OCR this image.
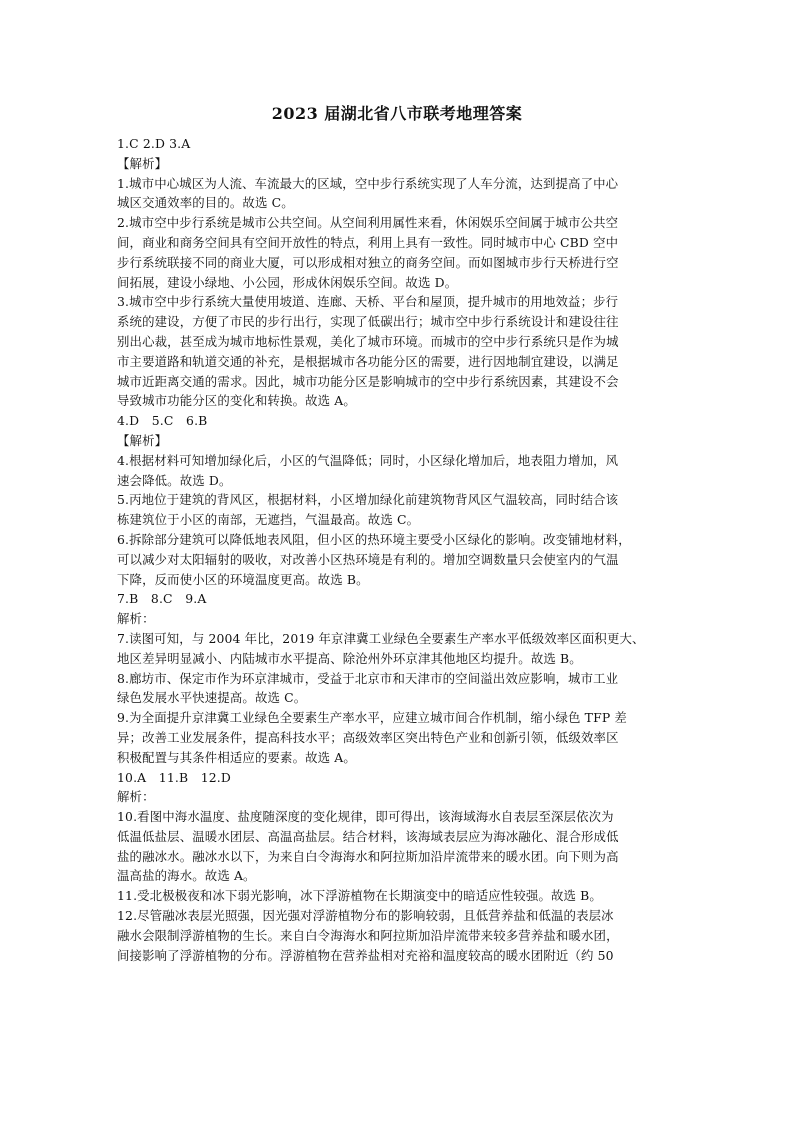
2023 届湖北省八市联考地理答案
1.C 2.D 3.A
【解析】
1.城市中心城区为人流、车流最大的区域，空中步行系统实现了人车分流，达到提高了中心
城区交通效率的目的。故选 C。
2.城市空中步行系统是城市公共空间。从空间利用属性来看，休闲娱乐空间属于城市公共空
间，商业和商务空间具有空间开放性的特点，利用上具有一致性。同时城市中心 CBD 空中
步行系统联接不同的商业大厦，可以形成相对独立的商务空间。而如图城市步行天桥进行空
间拓展，建设小绿地、小公园，形成休闲娱乐空间。故选 D。
3.城市空中步行系统大量使用坡道、连廊、天桥、平台和屋顶，提升城市的用地效益；步行
系统的建设，方便了市民的步行出行，实现了低碳出行；城市空中步行系统设计和建设往往
别出心裁，甚至成为城市地标性景观，美化了城市环境。而城市的空中步行系统只是作为城
市主要道路和轨道交通的补充，是根据城市各功能分区的需要，进行因地制宜建设，以满足
城市近距离交通的需求。因此，城市功能分区是影响城市的空中步行系统因素，其建设不会
导致城市功能分区的变化和转换。故选 A。
4.D　5.C　6.B
【解析】
4.根据材料可知增加绿化后，小区的气温降低；同时，小区绿化增加后，地表阻力增加，风
速会降低。故选 D。
5.丙地位于建筑的背风区，根据材料，小区增加绿化前建筑物背风区气温较高，同时结合该
栋建筑位于小区的南部，无遮挡，气温最高。故选 C。
6.拆除部分建筑可以降低地表风阻，但小区的热环境主要受小区绿化的影响。改变铺地材料，
可以减少对太阳辐射的吸收，对改善小区热环境是有利的。增加空调数量只会使室内的气温
下降，反而使小区的环境温度更高。故选 B。
7.B　8.C　9.A
解析：
7.读图可知，与 2004 年比，2019 年京津冀工业绿色全要素生产率水平低级效率区面积更大、
地区差异明显减小、内陆城市水平提高、除沧州外环京津其他地区均提升。故选 B。
8.廊坊市、保定市作为环京津城市，受益于北京市和天津市的空间溢出效应影响，城市工业
绿色发展水平快速提高。故选 C。
9.为全面提升京津冀工业绿色全要素生产率水平，应建立城市间合作机制，缩小绿色 TFP 差
异；改善工业发展条件，提高科技水平；高级效率区突出特色产业和创新引领，低级效率区
积极配置与其条件相适应的要素。故选 A。
10.A　11.B　12.D
解析：
10.看图中海水温度、盐度随深度的变化规律，即可得出，该海域海水自表层至深层依次为
低温低盐层、温暖水团层、高温高盐层。结合材料，该海域表层应为海冰融化、混合形成低
盐的融冰水。融冰水以下，为来自白令海海水和阿拉斯加沿岸流带来的暖水团。向下则为高
温高盐的海水。故选 A。
11.受北极极夜和冰下弱光影响，冰下浮游植物在长期演变中的暗适应性较强。故选 B。
12.尽管融冰表层光照强，因光强对浮游植物分布的影响较弱，且低营养盐和低温的表层冰
融水会限制浮游植物的生长。来自白令海海水和阿拉斯加沿岸流带来较多营养盐和暖水团，
间接影响了浮游植物的分布。浮游植物在营养盐相对充裕和温度较高的暖水团附近（约 50
